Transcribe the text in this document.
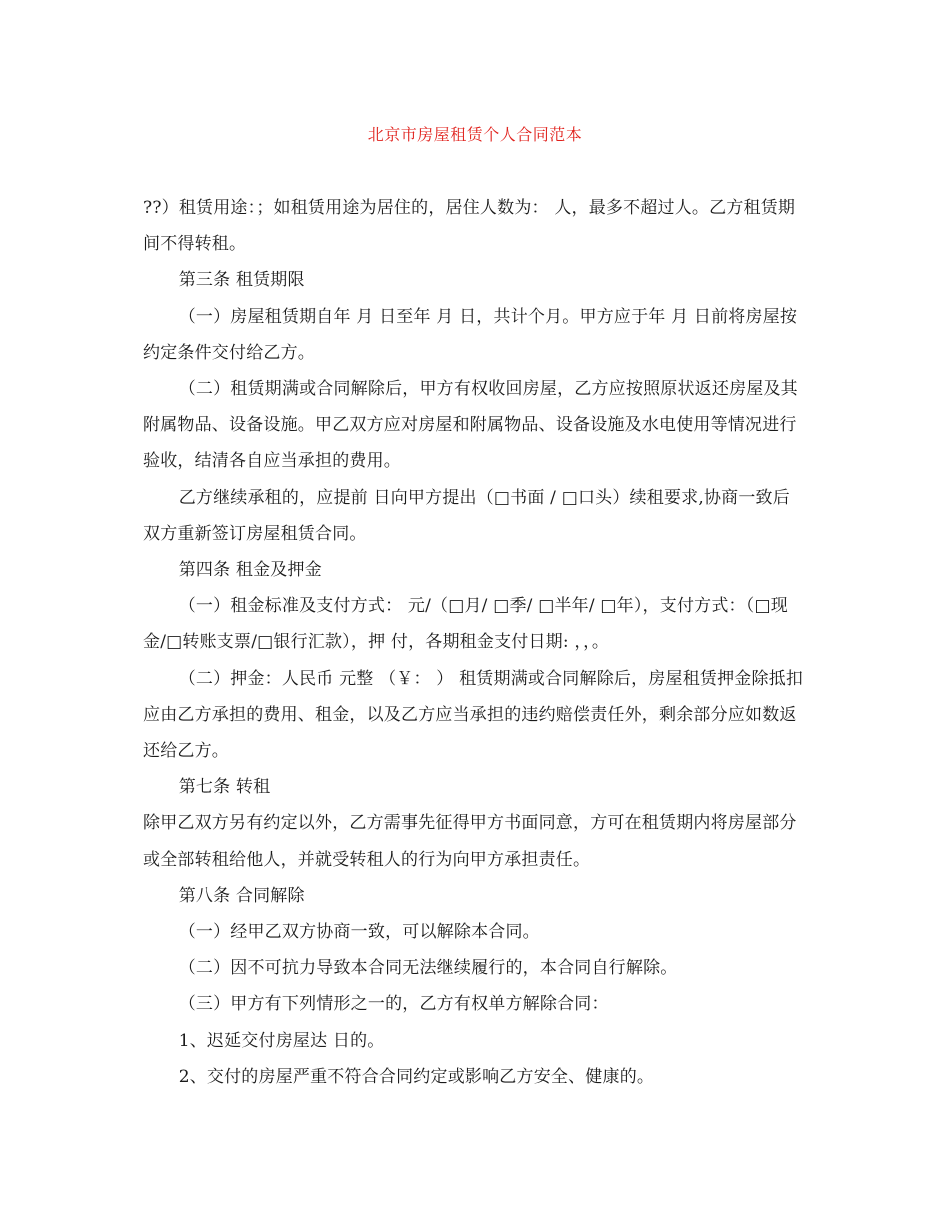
北京市房屋租赁个人合同范本

??）租赁用途：；如租赁用途为居住的，居住人数为： 人，最多不超过人。乙方租赁期间不得转租。

第三条 租赁期限

（一）房屋租赁期自年 月 日至年 月 日，共计个月。甲方应于年 月 日前将房屋按约定条件交付给乙方。

（二）租赁期满或合同解除后，甲方有权收回房屋，乙方应按照原状返还房屋及其附属物品、设备设施。甲乙双方应对房屋和附属物品、设备设施及水电使用等情况进行验收，结清各自应当承担的费用。

乙方继续承租的，应提前 日向甲方提出（□书面 / □口头）续租要求,协商一致后双方重新签订房屋租赁合同。

第四条 租金及押金

（一）租金标准及支付方式： 元/（□月/ □季/ □半年/ □年），支付方式：（□现金/□转账支票/□银行汇款），押 付，各期租金支付日期: ，，。

（二）押金：人民币 元整 （￥： ） 租赁期满或合同解除后，房屋租赁押金除抵扣应由乙方承担的费用、租金，以及乙方应当承担的违约赔偿责任外，剩余部分应如数返还给乙方。

第七条 转租

除甲乙双方另有约定以外，乙方需事先征得甲方书面同意，方可在租赁期内将房屋部分或全部转租给他人，并就受转租人的行为向甲方承担责任。

第八条 合同解除

（一）经甲乙双方协商一致，可以解除本合同。

（二）因不可抗力导致本合同无法继续履行的，本合同自行解除。

（三）甲方有下列情形之一的，乙方有权单方解除合同：

1、迟延交付房屋达 日的。

2、交付的房屋严重不符合合同约定或影响乙方安全、健康的。
